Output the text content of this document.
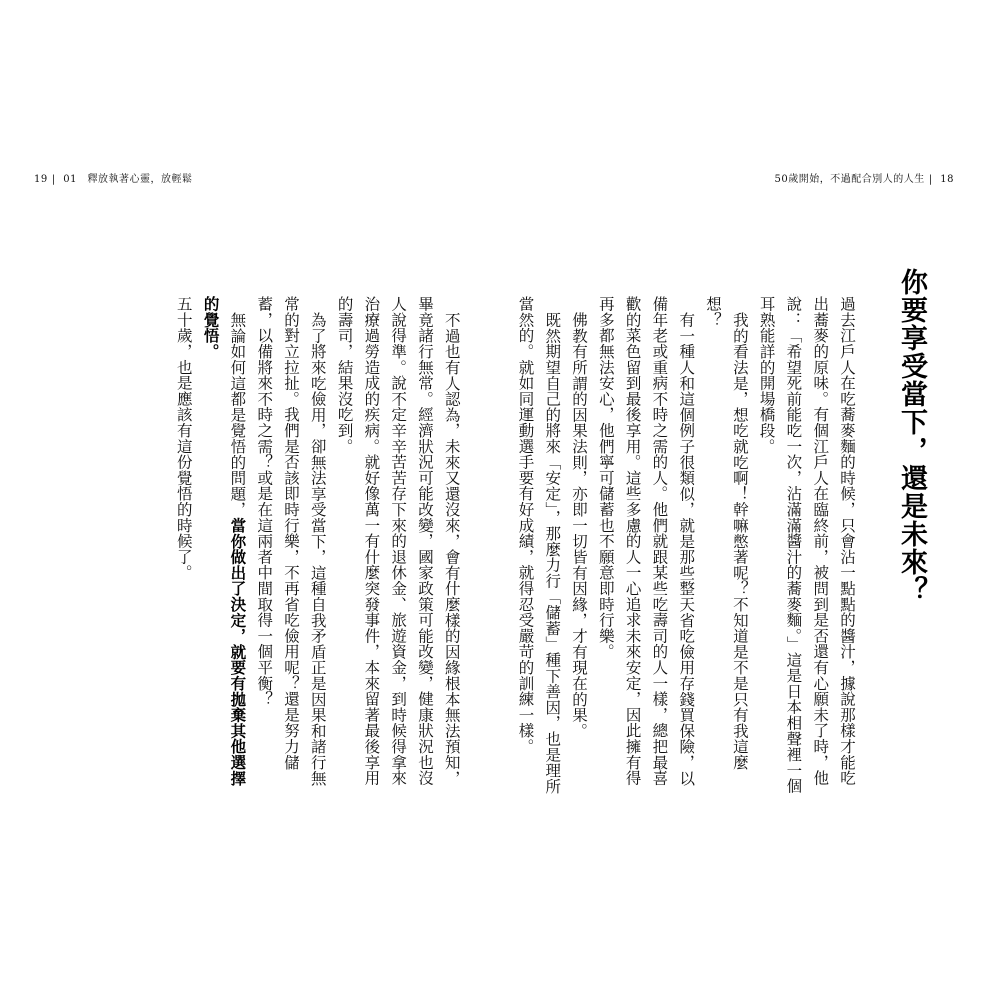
19 | 01　釋放執著心靈，放輕鬆	50歲開始，不過配合別人的人生 | 18
你要享受當下，還是未來？

過去江戶人在吃蕎麥麵的時候，只會沾一點點的醬汁，據說那樣才能吃出蕎麥的原味。有個江戶人在臨終前，被問到是否還有心願未了時，他說：「希望死前能吃一次，沾滿滿醬汁的蕎麥麵。」這是日本相聲裡一個耳熟能詳的開場橋段。

我的看法是，想吃就吃啊！幹嘛憋著呢？不知道是不是只有我這麼想？

有一種人和這個例子很類似，就是那些整天省吃儉用存錢買保險，以備年老或重病不時之需的人。他們就跟某些吃壽司的人一樣，總把最喜歡的菜色留到最後享用。這些多慮的人一心追求未來安定，因此擁有得再多都無法安心，他們寧可儲蓄也不願意即時行樂。

佛教有所謂的因果法則，亦即一切皆有因緣，才有現在的果。

既然期望自己的將來「安定」，那麼力行「儲蓄」種下善因，也是理所當然的。就如同運動選手要有好成績，就得忍受嚴苛的訓練一樣。

不過也有人認為，未來又還沒來，會有什麼樣的因緣根本無法預知，畢竟諸行無常。經濟狀況可能改變，國家政策可能改變，健康狀況也沒人說得準。說不定辛辛苦苦存下來的退休金、旅遊資金，到時候得拿來治療過勞造成的疾病。就好像萬一有什麼突發事件，本來留著最後享用的壽司，結果沒吃到。

為了將來吃儉用，卻無法享受當下，這種自我矛盾正是因果和諸行無常的對立拉扯。我們是否該即時行樂，不再省吃儉用呢？還是努力儲蓄，以備將來不時之需？或是在這兩者中間取得一個平衡？

無論如何這都是覺悟的問題，當你做出了決定，就要有拋棄其他選擇的覺悟。

五十歲，也是應該有這份覺悟的時候了。
